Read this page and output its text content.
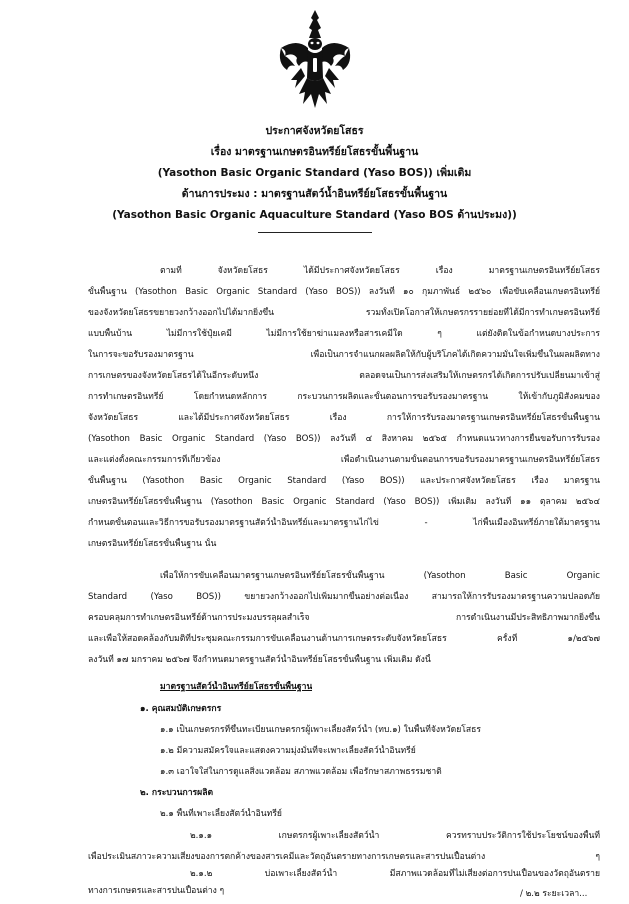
ประกาศจังหวัดยโสธร
เรื่อง มาตรฐานเกษตรอินทรีย์ยโสธรขั้นพื้นฐาน
(Yasothon Basic Organic Standard (Yaso BOS)) เพิ่มเติม
ด้านการประมง : มาตรฐานสัตว์น้ำอินทรีย์ยโสธรขั้นพื้นฐาน
(Yasothon Basic Organic Aquaculture Standard (Yaso BOS ด้านประมง))
ตามที่ จังหวัดยโสธร ได้มีประกาศจังหวัดยโสธร เรื่อง มาตรฐานเกษตรอินทรีย์ยโสธร
ขั้นพื้นฐาน (Yasothon Basic Organic Standard (Yaso BOS)) ลงวันที่ ๑๐ กุมภาพันธ์ ๒๕๖๐ เพื่อขับเคลื่อนเกษตรอินทรีย์
ของจังหวัดยโสธรขยายวงกว้างออกไปได้มากยิ่งขึ้น รวมทั้งเปิดโอกาสให้เกษตรกรรายย่อยที่ได้มีการทำเกษตรอินทรีย์
แบบพื้นบ้าน ไม่มีการใช้ปุ๋ยเคมี ไม่มีการใช้ยาฆ่าแมลงหรือสารเคมีใด ๆ แต่ยังติดในข้อกำหนดบางประการ
ในการจะขอรับรองมาตรฐาน เพื่อเป็นการจำแนกผลผลิตให้กับผู้บริโภคได้เกิดความมั่นใจเพิ่มขึ้นในผลผลิตทาง
การเกษตรของจังหวัดยโสธรได้ในอีกระดับหนึ่ง ตลอดจนเป็นการส่งเสริมให้เกษตรกรได้เกิดการปรับเปลี่ยนมาเข้าสู่
การทำเกษตรอินทรีย์ โดยกำหนดหลักการ กระบวนการผลิตและขั้นตอนการขอรับรองมาตรฐาน ให้เข้ากับภูมิสังคมของ
จังหวัดยโสธร และได้มีประกาศจังหวัดยโสธร เรื่อง การให้การรับรองมาตรฐานเกษตรอินทรีย์ยโสธรขั้นพื้นฐาน
(Yasothon Basic Organic Standard (Yaso BOS)) ลงวันที่ ๔ สิงหาคม ๒๕๖๕ กำหนดแนวทางการยื่นขอรับการรับรอง
และแต่งตั้งคณะกรรมการที่เกี่ยวข้อง เพื่อดำเนินงานตามขั้นตอนการขอรับรองมาตรฐานเกษตรอินทรีย์ยโสธร
ขั้นพื้นฐาน (Yasothon Basic Organic Standard (Yaso BOS)) และประกาศจังหวัดยโสธร เรื่อง มาตรฐาน
เกษตรอินทรีย์ยโสธรขั้นพื้นฐาน (Yasothon Basic Organic Standard (Yaso BOS)) เพิ่มเติม ลงวันที่ ๑๑ ตุลาคม ๒๕๖๔
กำหนดขั้นตอนและวิธีการขอรับรองมาตรฐานสัตว์น้ำอินทรีย์และมาตรฐานไก่ไข่ - ไก่พื้นเมืองอินทรีย์ภายใต้มาตรฐาน
เกษตรอินทรีย์ยโสธรขั้นพื้นฐาน นั้น
เพื่อให้การขับเคลื่อนมาตรฐานเกษตรอินทรีย์ยโสธรขั้นพื้นฐาน (Yasothon Basic Organic
Standard (Yaso BOS)) ขยายวงกว้างออกไปเพิ่มมากขึ้นอย่างต่อเนื่อง สามารถให้การรับรองมาตรฐานความปลอดภัย
ครอบคลุมการทำเกษตรอินทรีย์ด้านการประมงบรรลุผลสำเร็จ การดำเนินงานมีประสิทธิภาพมากยิ่งขึ้น
และเพื่อให้สอดคล้องกับมติที่ประชุมคณะกรรมการขับเคลื่อนงานด้านการเกษตรระดับจังหวัดยโสธร ครั้งที่ ๑/๒๕๖๗
ลงวันที่ ๑๗ มกราคม ๒๕๖๗ จึงกำหนดมาตรฐานสัตว์น้ำอินทรีย์ยโสธรขั้นพื้นฐาน เพิ่มเติม ดังนี้
มาตรฐานสัตว์น้ำอินทรีย์ยโสธรขั้นพื้นฐาน
๑. คุณสมบัติเกษตรกร
๑.๑ เป็นเกษตรกรที่ขึ้นทะเบียนเกษตรกรผู้เพาะเลี้ยงสัตว์น้ำ (ทบ.๑) ในพื้นที่จังหวัดยโสธร
๑.๒ มีความสมัครใจและแสดงความมุ่งมั่นที่จะเพาะเลี้ยงสัตว์น้ำอินทรีย์
๑.๓ เอาใจใส่ในการดูแลสิ่งแวดล้อม สภาพแวดล้อม เพื่อรักษาสภาพธรรมชาติ
๒. กระบวนการผลิต
๒.๑ พื้นที่เพาะเลี้ยงสัตว์น้ำอินทรีย์
๒.๑.๑ เกษตรกรผู้เพาะเลี้ยงสัตว์น้ำ ควรทราบประวัติการใช้ประโยชน์ของพื้นที่
เพื่อประเมินสภาวะความเสี่ยงของการตกค้างของสารเคมีและวัตถุอันตรายทางการเกษตรและสารปนเปื้อนต่าง ๆ
๒.๑.๒ บ่อเพาะเลี้ยงสัตว์น้ำ มีสภาพแวดล้อมที่ไม่เสี่ยงต่อการปนเปื้อนของวัตถุอันตราย
ทางการเกษตรและสารปนเปื้อนต่าง ๆ	/ ๒.๒ ระยะเวลา...
